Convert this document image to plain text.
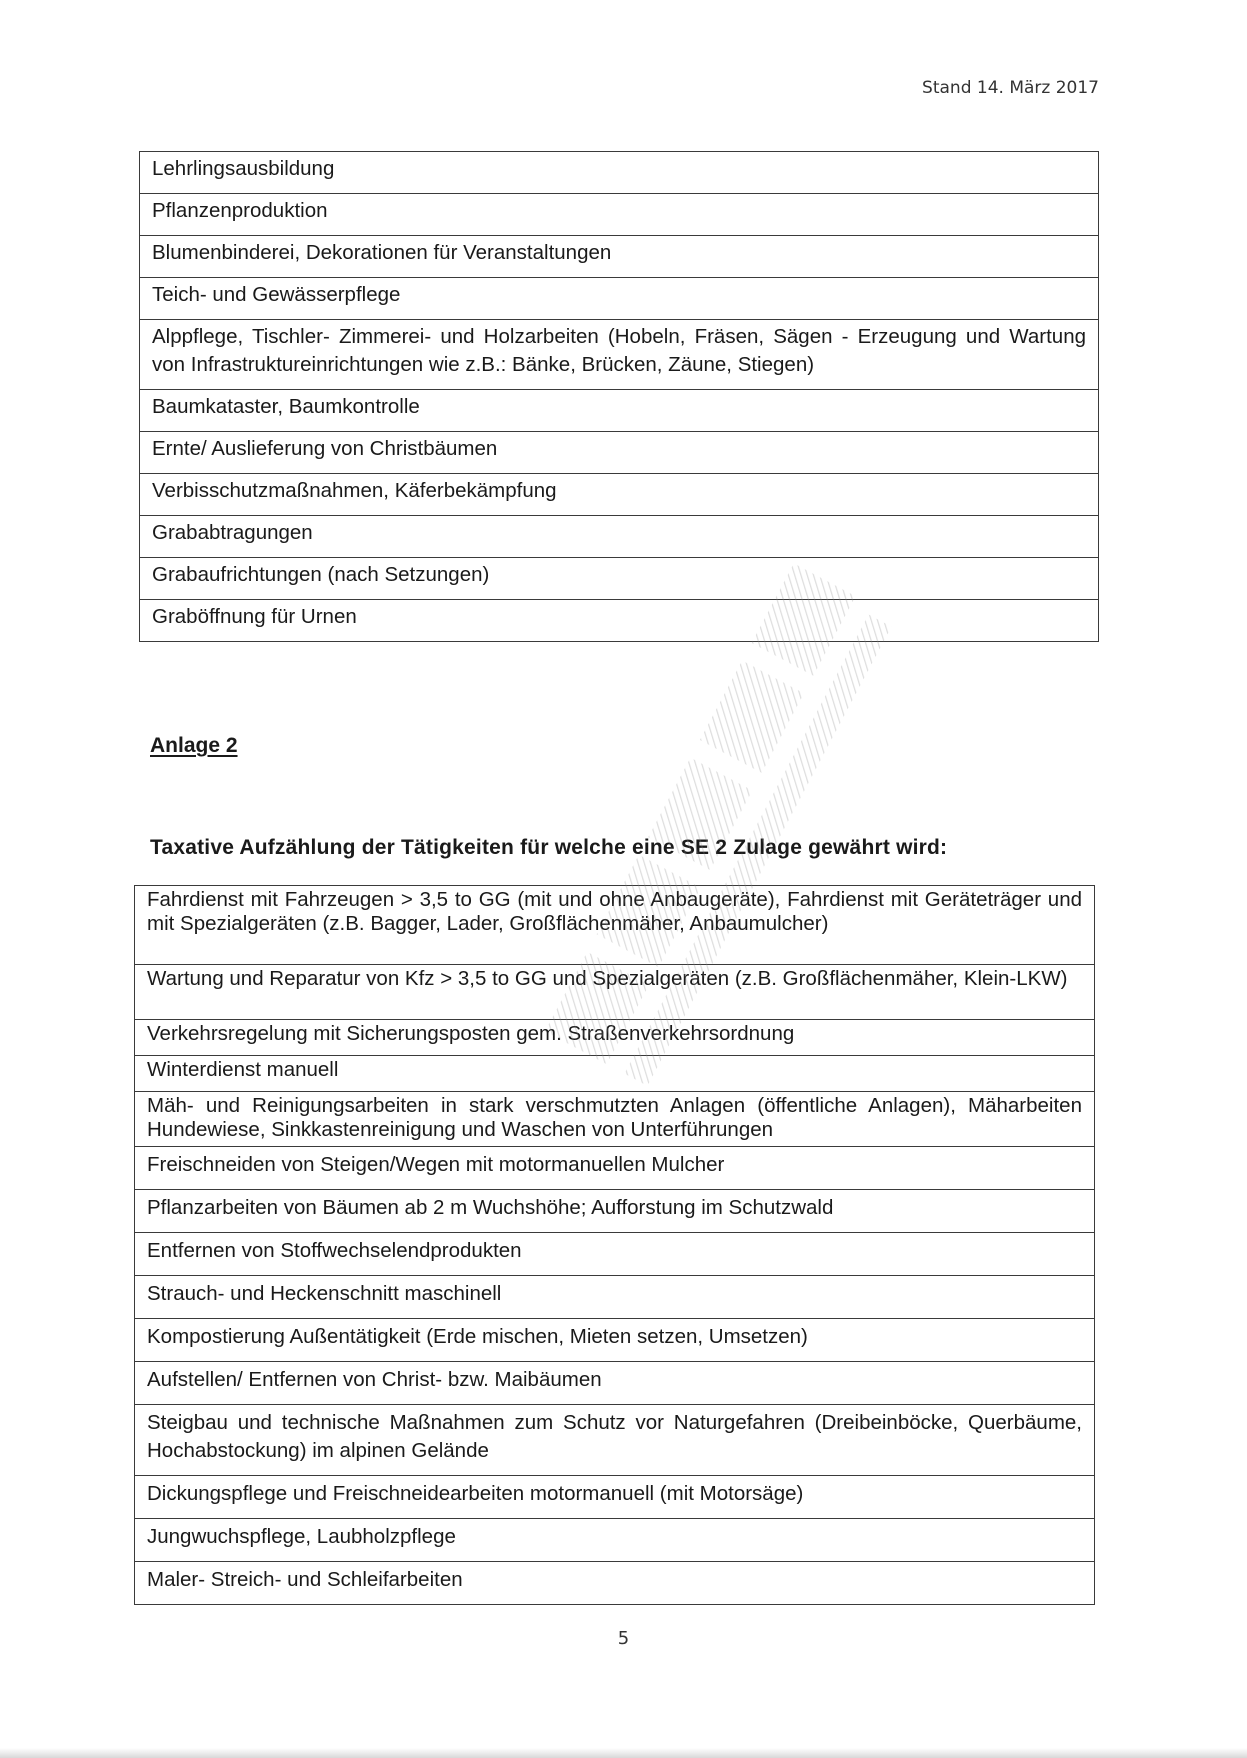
Stand 14. März 2017
Lehrlingsausbildung
Pflanzenproduktion
Blumenbinderei, Dekorationen für Veranstaltungen
Teich- und Gewässerpflege
Alppflege, Tischler- Zimmerei- und Holzarbeiten (Hobeln, Fräsen, Sägen - Erzeugung und Wartung von Infrastruktureinrichtungen wie z.B.: Bänke, Brücken, Zäune, Stiegen)
Baumkataster, Baumkontrolle
Ernte/ Auslieferung von Christbäumen
Verbisschutzmaßnahmen, Käferbekämpfung
Grababtragungen
Grabaufrichtungen (nach Setzungen)
Graböffnung für Urnen
Anlage 2
Taxative Aufzählung der Tätigkeiten für welche eine SE 2 Zulage gewährt wird:
Fahrdienst mit Fahrzeugen > 3,5 to GG (mit und ohne Anbaugeräte), Fahrdienst mit Geräteträger und mit Spezialgeräten (z.B. Bagger, Lader, Großflächenmäher, Anbaumulcher)
Wartung und Reparatur von Kfz > 3,5 to GG und Spezialgeräten (z.B. Großflächenmäher, Klein-LKW)
Verkehrsregelung mit Sicherungsposten gem. Straßenverkehrsordnung
Winterdienst manuell
Mäh- und Reinigungsarbeiten in stark verschmutzten Anlagen (öffentliche Anlagen), Mäharbeiten Hundewiese, Sinkkastenreinigung und Waschen von Unterführungen
Freischneiden von Steigen/Wegen mit motormanuellen Mulcher
Pflanzarbeiten von Bäumen ab 2 m Wuchshöhe; Aufforstung im Schutzwald
Entfernen von Stoffwechselendprodukten
Strauch- und Heckenschnitt maschinell
Kompostierung Außentätigkeit (Erde mischen, Mieten setzen, Umsetzen)
Aufstellen/ Entfernen von Christ- bzw. Maibäumen
Steigbau und technische Maßnahmen zum Schutz vor Naturgefahren (Dreibeinböcke, Querbäume, Hochabstockung) im alpinen Gelände
Dickungspflege und Freischneidearbeiten motormanuell (mit Motorsäge)
Jungwuchspflege, Laubholzpflege
Maler- Streich- und Schleifarbeiten
5
